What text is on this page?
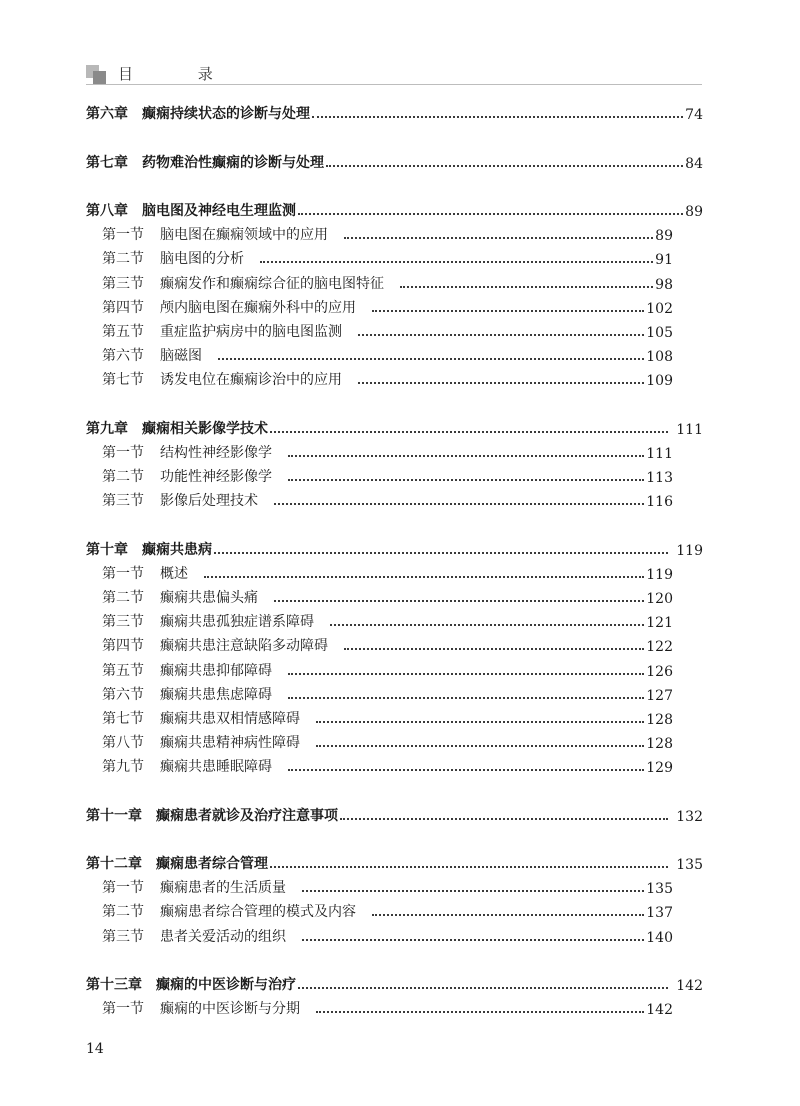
目 录
第六章 癫痫持续状态的诊断与处理	74
第七章 药物难治性癫痫的诊断与处理	84
第八章 脑电图及神经电生理监测	89
第一节 脑电图在癫痫领域中的应用	89
第二节 脑电图的分析	91
第三节 癫痫发作和癫痫综合征的脑电图特征	98
第四节 颅内脑电图在癫痫外科中的应用	102
第五节 重症监护病房中的脑电图监测	105
第六节 脑磁图	108
第七节 诱发电位在癫痫诊治中的应用	109
第九章 癫痫相关影像学技术	111
第一节 结构性神经影像学	111
第二节 功能性神经影像学	113
第三节 影像后处理技术	116
第十章 癫痫共患病	119
第一节 概述	119
第二节 癫痫共患偏头痛	120
第三节 癫痫共患孤独症谱系障碍	121
第四节 癫痫共患注意缺陷多动障碍	122
第五节 癫痫共患抑郁障碍	126
第六节 癫痫共患焦虑障碍	127
第七节 癫痫共患双相情感障碍	128
第八节 癫痫共患精神病性障碍	128
第九节 癫痫共患睡眠障碍	129
第十一章 癫痫患者就诊及治疗注意事项	132
第十二章 癫痫患者综合管理	135
第一节 癫痫患者的生活质量	135
第二节 癫痫患者综合管理的模式及内容	137
第三节 患者关爱活动的组织	140
第十三章 癫痫的中医诊断与治疗	142
第一节 癫痫的中医诊断与分期	142
14
